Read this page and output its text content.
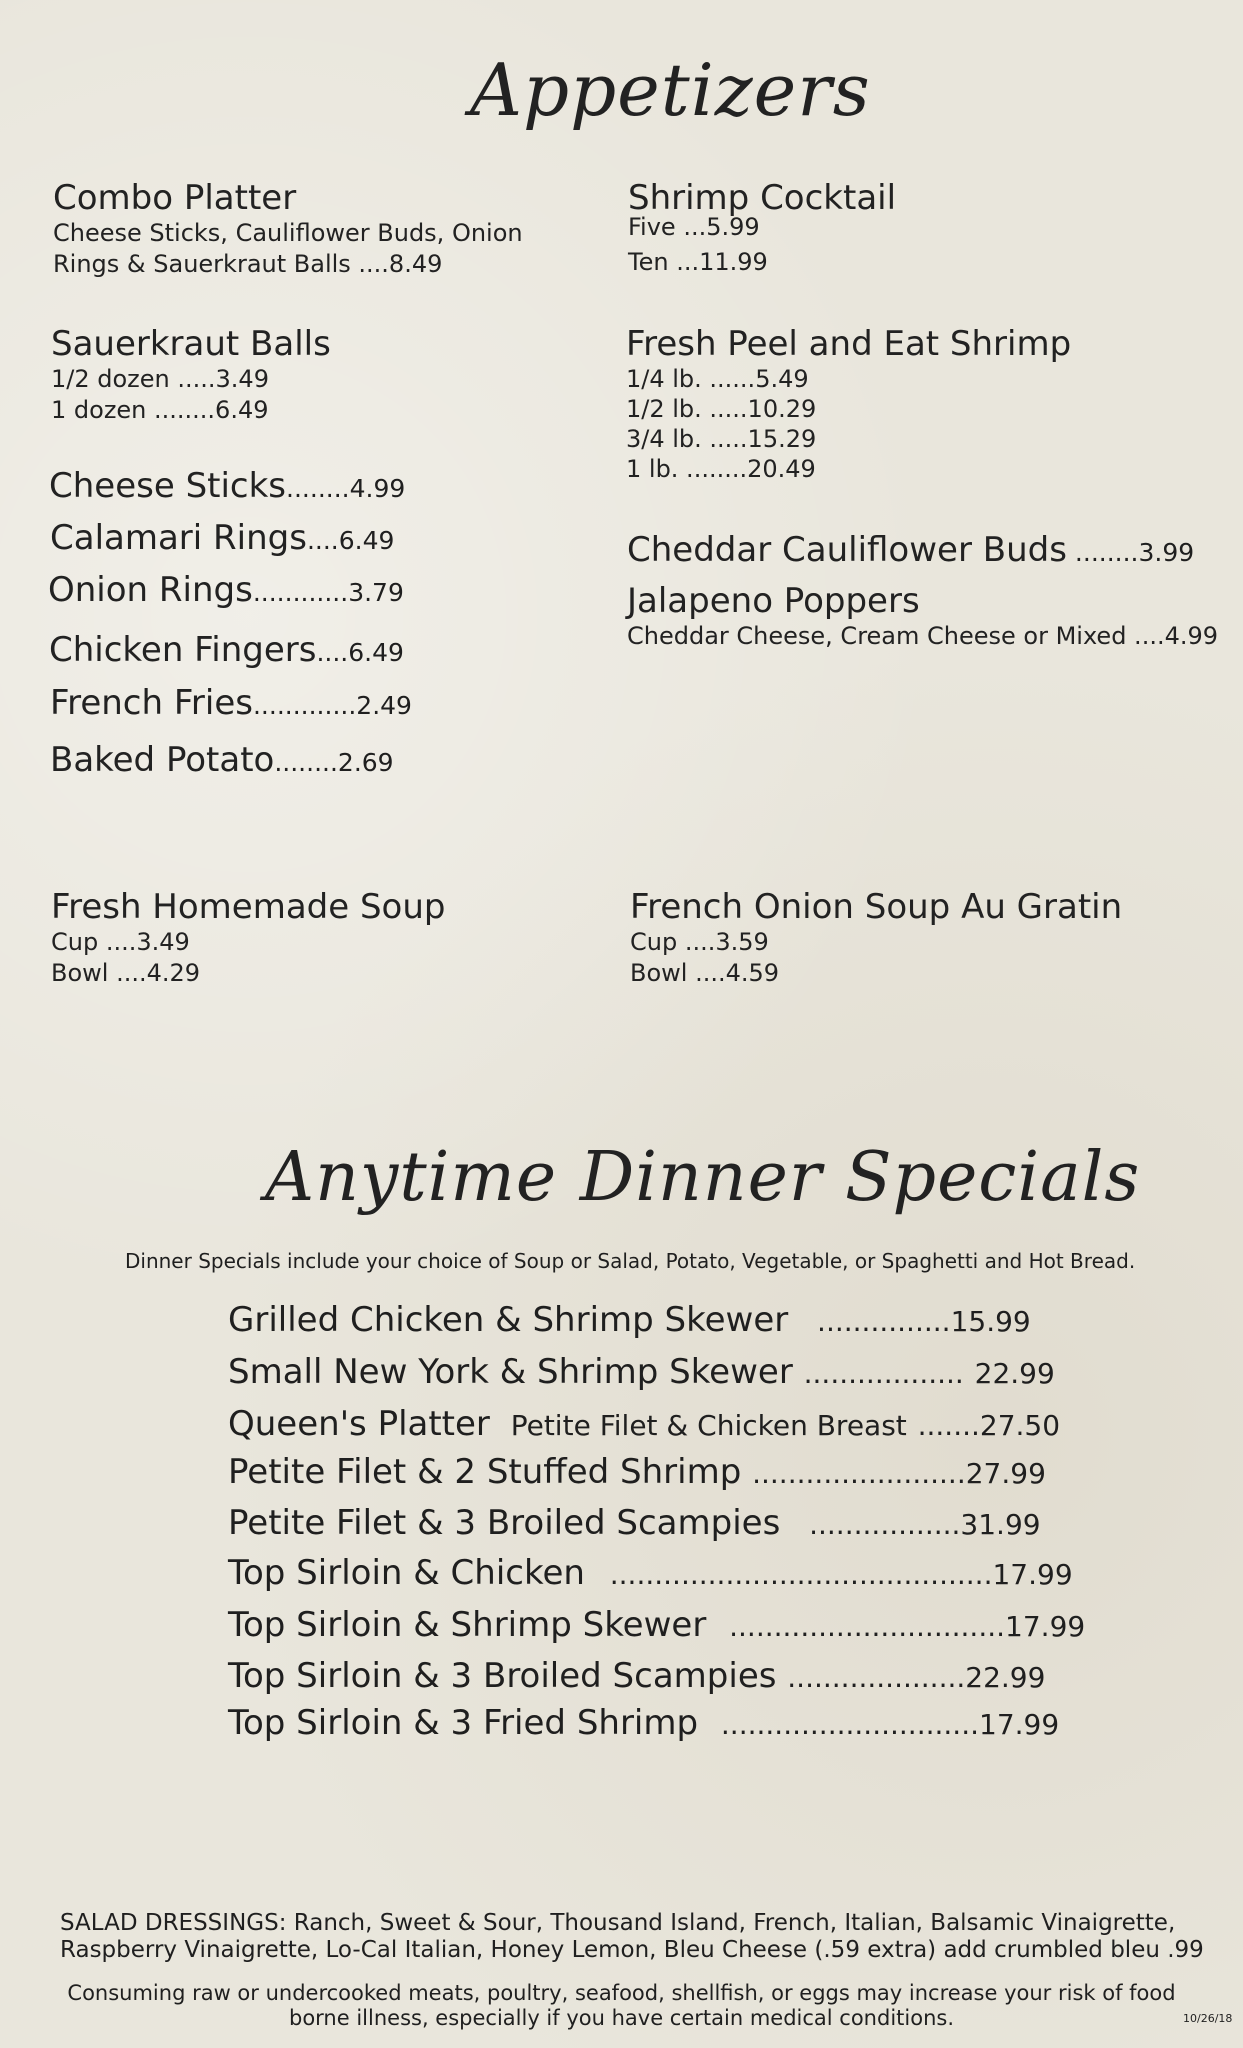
Appetizers
Combo Platter
Cheese Sticks, Cauliflower Buds, Onion
Rings & Sauerkraut Balls ....8.49
Sauerkraut Balls
1/2 dozen .....3.49
1 dozen ........6.49
Cheese Sticks........4.99
Calamari Rings....6.49
Onion Rings............3.79
Chicken Fingers....6.49
French Fries.............2.49
Baked Potato........2.69
Shrimp Cocktail
Five ...5.99
Ten ...11.99
Fresh Peel and Eat Shrimp
1/4 lb. ......5.49
1/2 lb. .....10.29
3/4 lb. .....15.29
1 lb. ........20.49
Cheddar Cauliflower Buds ........3.99
Jalapeno Poppers
Cheddar Cheese, Cream Cheese or Mixed ....4.99
Fresh Homemade Soup
Cup ....3.49
Bowl ....4.29
French Onion Soup Au Gratin
Cup ....3.59
Bowl ....4.59
Anytime Dinner Specials
Dinner Specials include your choice of Soup or Salad, Potato, Vegetable, or Spaghetti and Hot Bread.
Grilled Chicken & Shrimp Skewer ...............15.99
Small New York & Shrimp Skewer .................. 22.99
Queen's Platter Petite Filet & Chicken Breast .......27.50
Petite Filet & 2 Stuffed Shrimp ........................27.99
Petite Filet & 3 Broiled Scampies .................31.99
Top Sirloin & Chicken ...........................................17.99
Top Sirloin & Shrimp Skewer ...............................17.99
Top Sirloin & 3 Broiled Scampies ....................22.99
Top Sirloin & 3 Fried Shrimp .............................17.99
SALAD DRESSINGS: Ranch, Sweet & Sour, Thousand Island, French, Italian, Balsamic Vinaigrette,
Raspberry Vinaigrette, Lo-Cal Italian, Honey Lemon, Bleu Cheese (.59 extra) add crumbled bleu .99
Consuming raw or undercooked meats, poultry, seafood, shellfish, or eggs may increase your risk of food
borne illness, especially if you have certain medical conditions.	10/26/18
